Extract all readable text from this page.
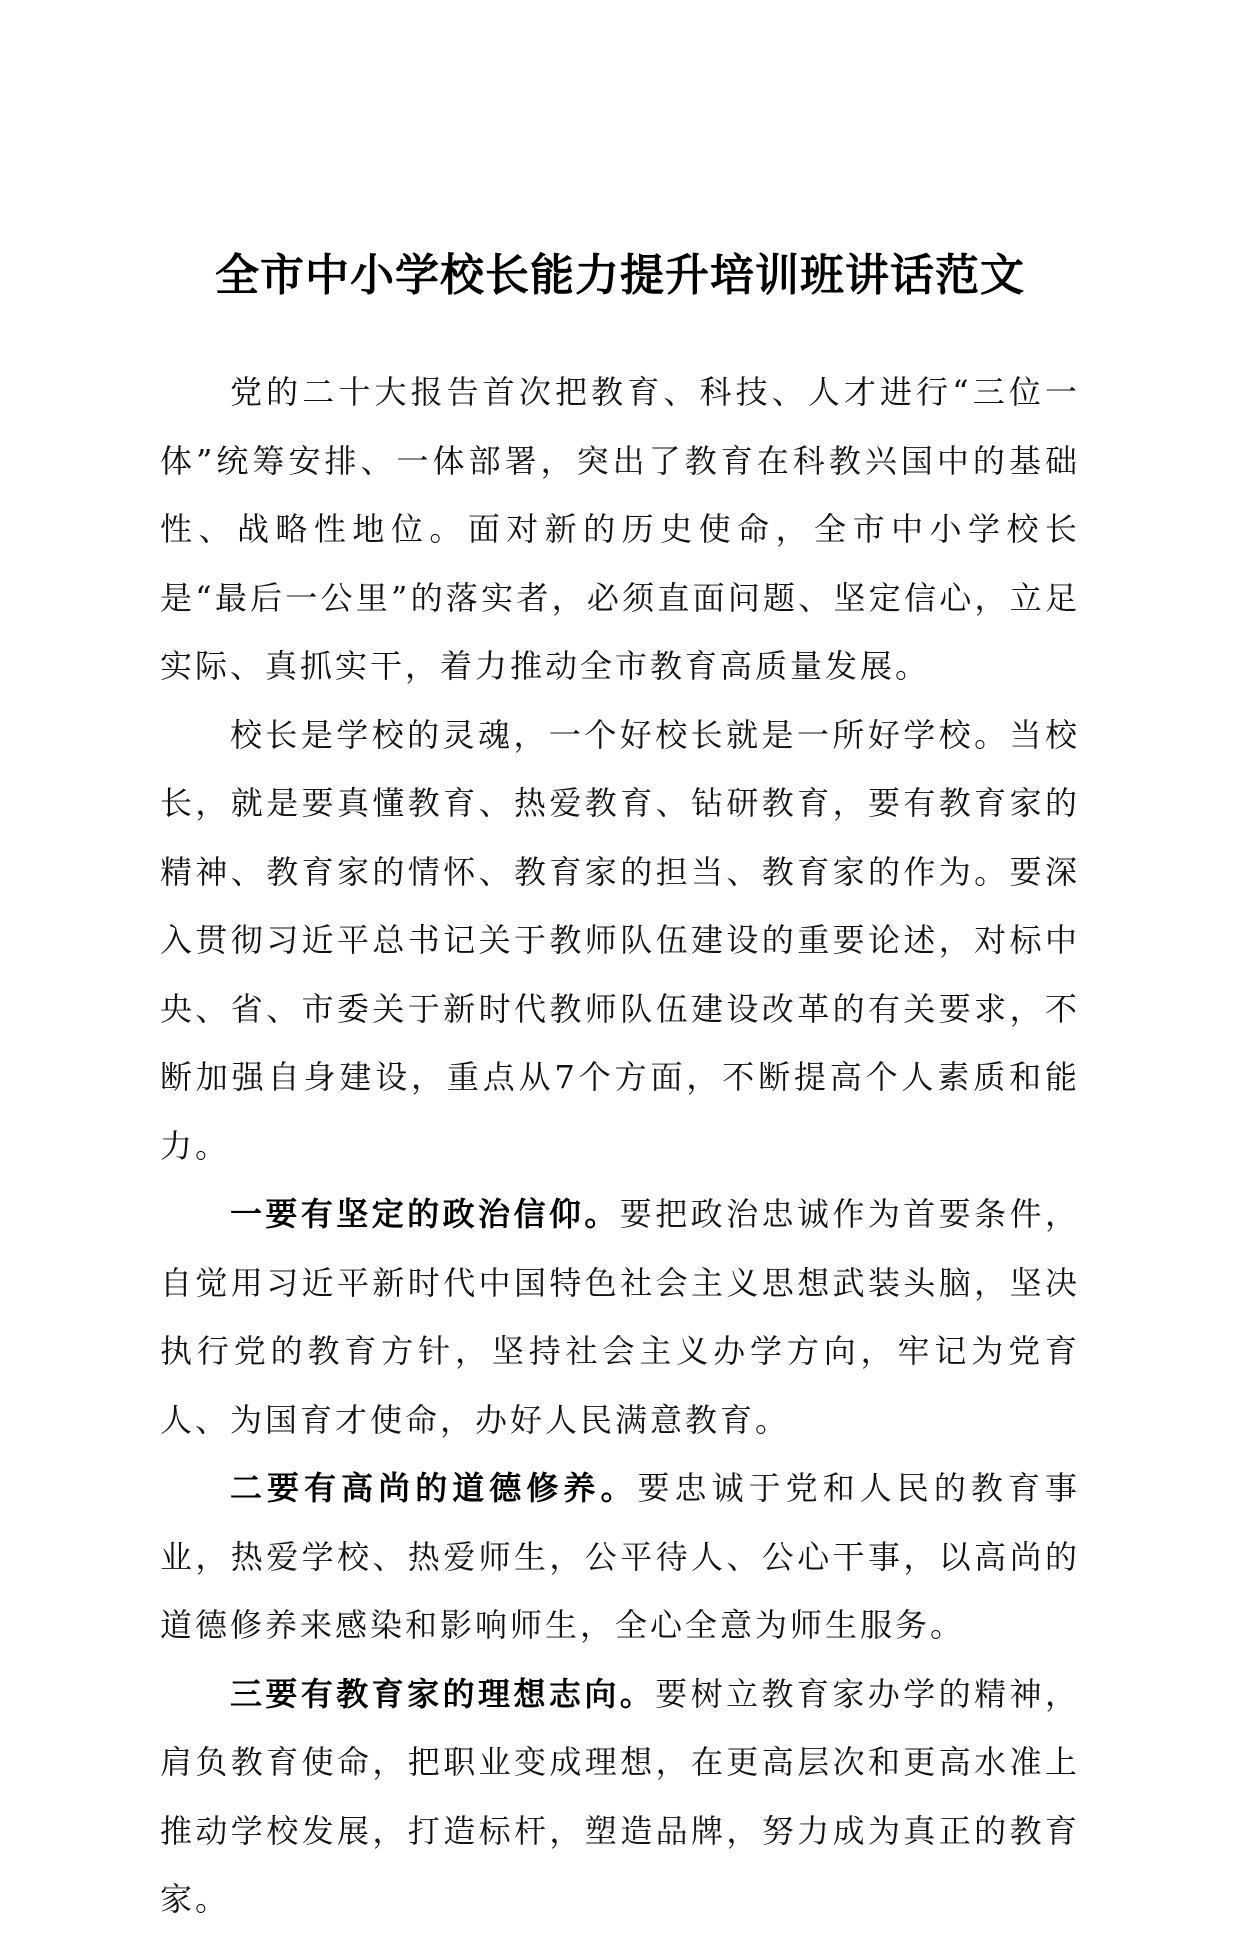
全市中小学校长能力提升培训班讲话范文

党的二十大报告首次把教育、科技、人才进行“三位一体”统筹安排、一体部署，突出了教育在科教兴国中的基础性、战略性地位。面对新的历史使命，全市中小学校长是“最后一公里”的落实者，必须直面问题、坚定信心，立足实际、真抓实干，着力推动全市教育高质量发展。

校长是学校的灵魂，一个好校长就是一所好学校。当校长，就是要真懂教育、热爱教育、钻研教育，要有教育家的精神、教育家的情怀、教育家的担当、教育家的作为。要深入贯彻习近平总书记关于教师队伍建设的重要论述，对标中央、省、市委关于新时代教师队伍建设改革的有关要求，不断加强自身建设，重点从7个方面，不断提高个人素质和能力。

一要有坚定的政治信仰。要把政治忠诚作为首要条件，自觉用习近平新时代中国特色社会主义思想武装头脑，坚决执行党的教育方针，坚持社会主义办学方向，牢记为党育人、为国育才使命，办好人民满意教育。

二要有高尚的道德修养。要忠诚于党和人民的教育事业，热爱学校、热爱师生，公平待人、公心干事，以高尚的道德修养来感染和影响师生，全心全意为师生服务。

三要有教育家的理想志向。要树立教育家办学的精神，肩负教育使命，把职业变成理想，在更高层次和更高水准上推动学校发展，打造标杆，塑造品牌，努力成为真正的教育家。
